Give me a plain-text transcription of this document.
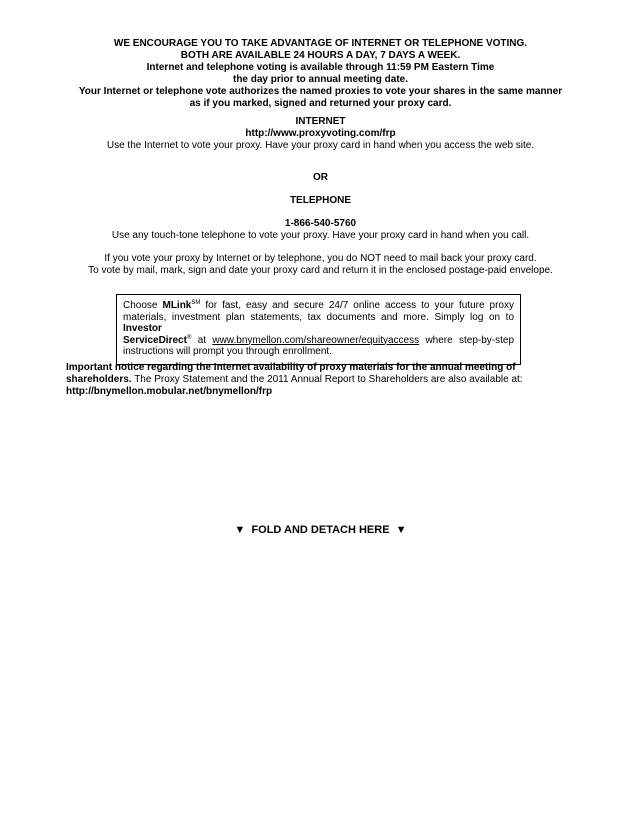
WE ENCOURAGE YOU TO TAKE ADVANTAGE OF INTERNET OR TELEPHONE VOTING.
BOTH ARE AVAILABLE 24 HOURS A DAY, 7 DAYS A WEEK.
Internet and telephone voting is available through 11:59 PM Eastern Time
the day prior to annual meeting date.
Your Internet or telephone vote authorizes the named proxies to vote your shares in the same manner
as if you marked, signed and returned your proxy card.
INTERNET
http://www.proxyvoting.com/frp
Use the Internet to vote your proxy. Have your proxy card in hand when you access the web site.
OR
TELEPHONE
1-866-540-5760
Use any touch-tone telephone to vote your proxy. Have your proxy card in hand when you call.
If you vote your proxy by Internet or by telephone, you do NOT need to mail back your proxy card.
To vote by mail, mark, sign and date your proxy card and return it in the enclosed postage-paid envelope.
Choose MLink℠ for fast, easy and secure 24/7 online access to your future proxy
materials, investment plan statements, tax documents and more. Simply log on to Investor
ServiceDirect® at www.bnymellon.com/shareowner/equityaccess where step-by-step
instructions will prompt you through enrollment.
Important notice regarding the Internet availability of proxy materials for the annual meeting of shareholders. The Proxy Statement and the 2011 Annual Report to Shareholders are also available at:
http://bnymellon.mobular.net/bnymellon/frp
▼ FOLD AND DETACH HERE ▼
